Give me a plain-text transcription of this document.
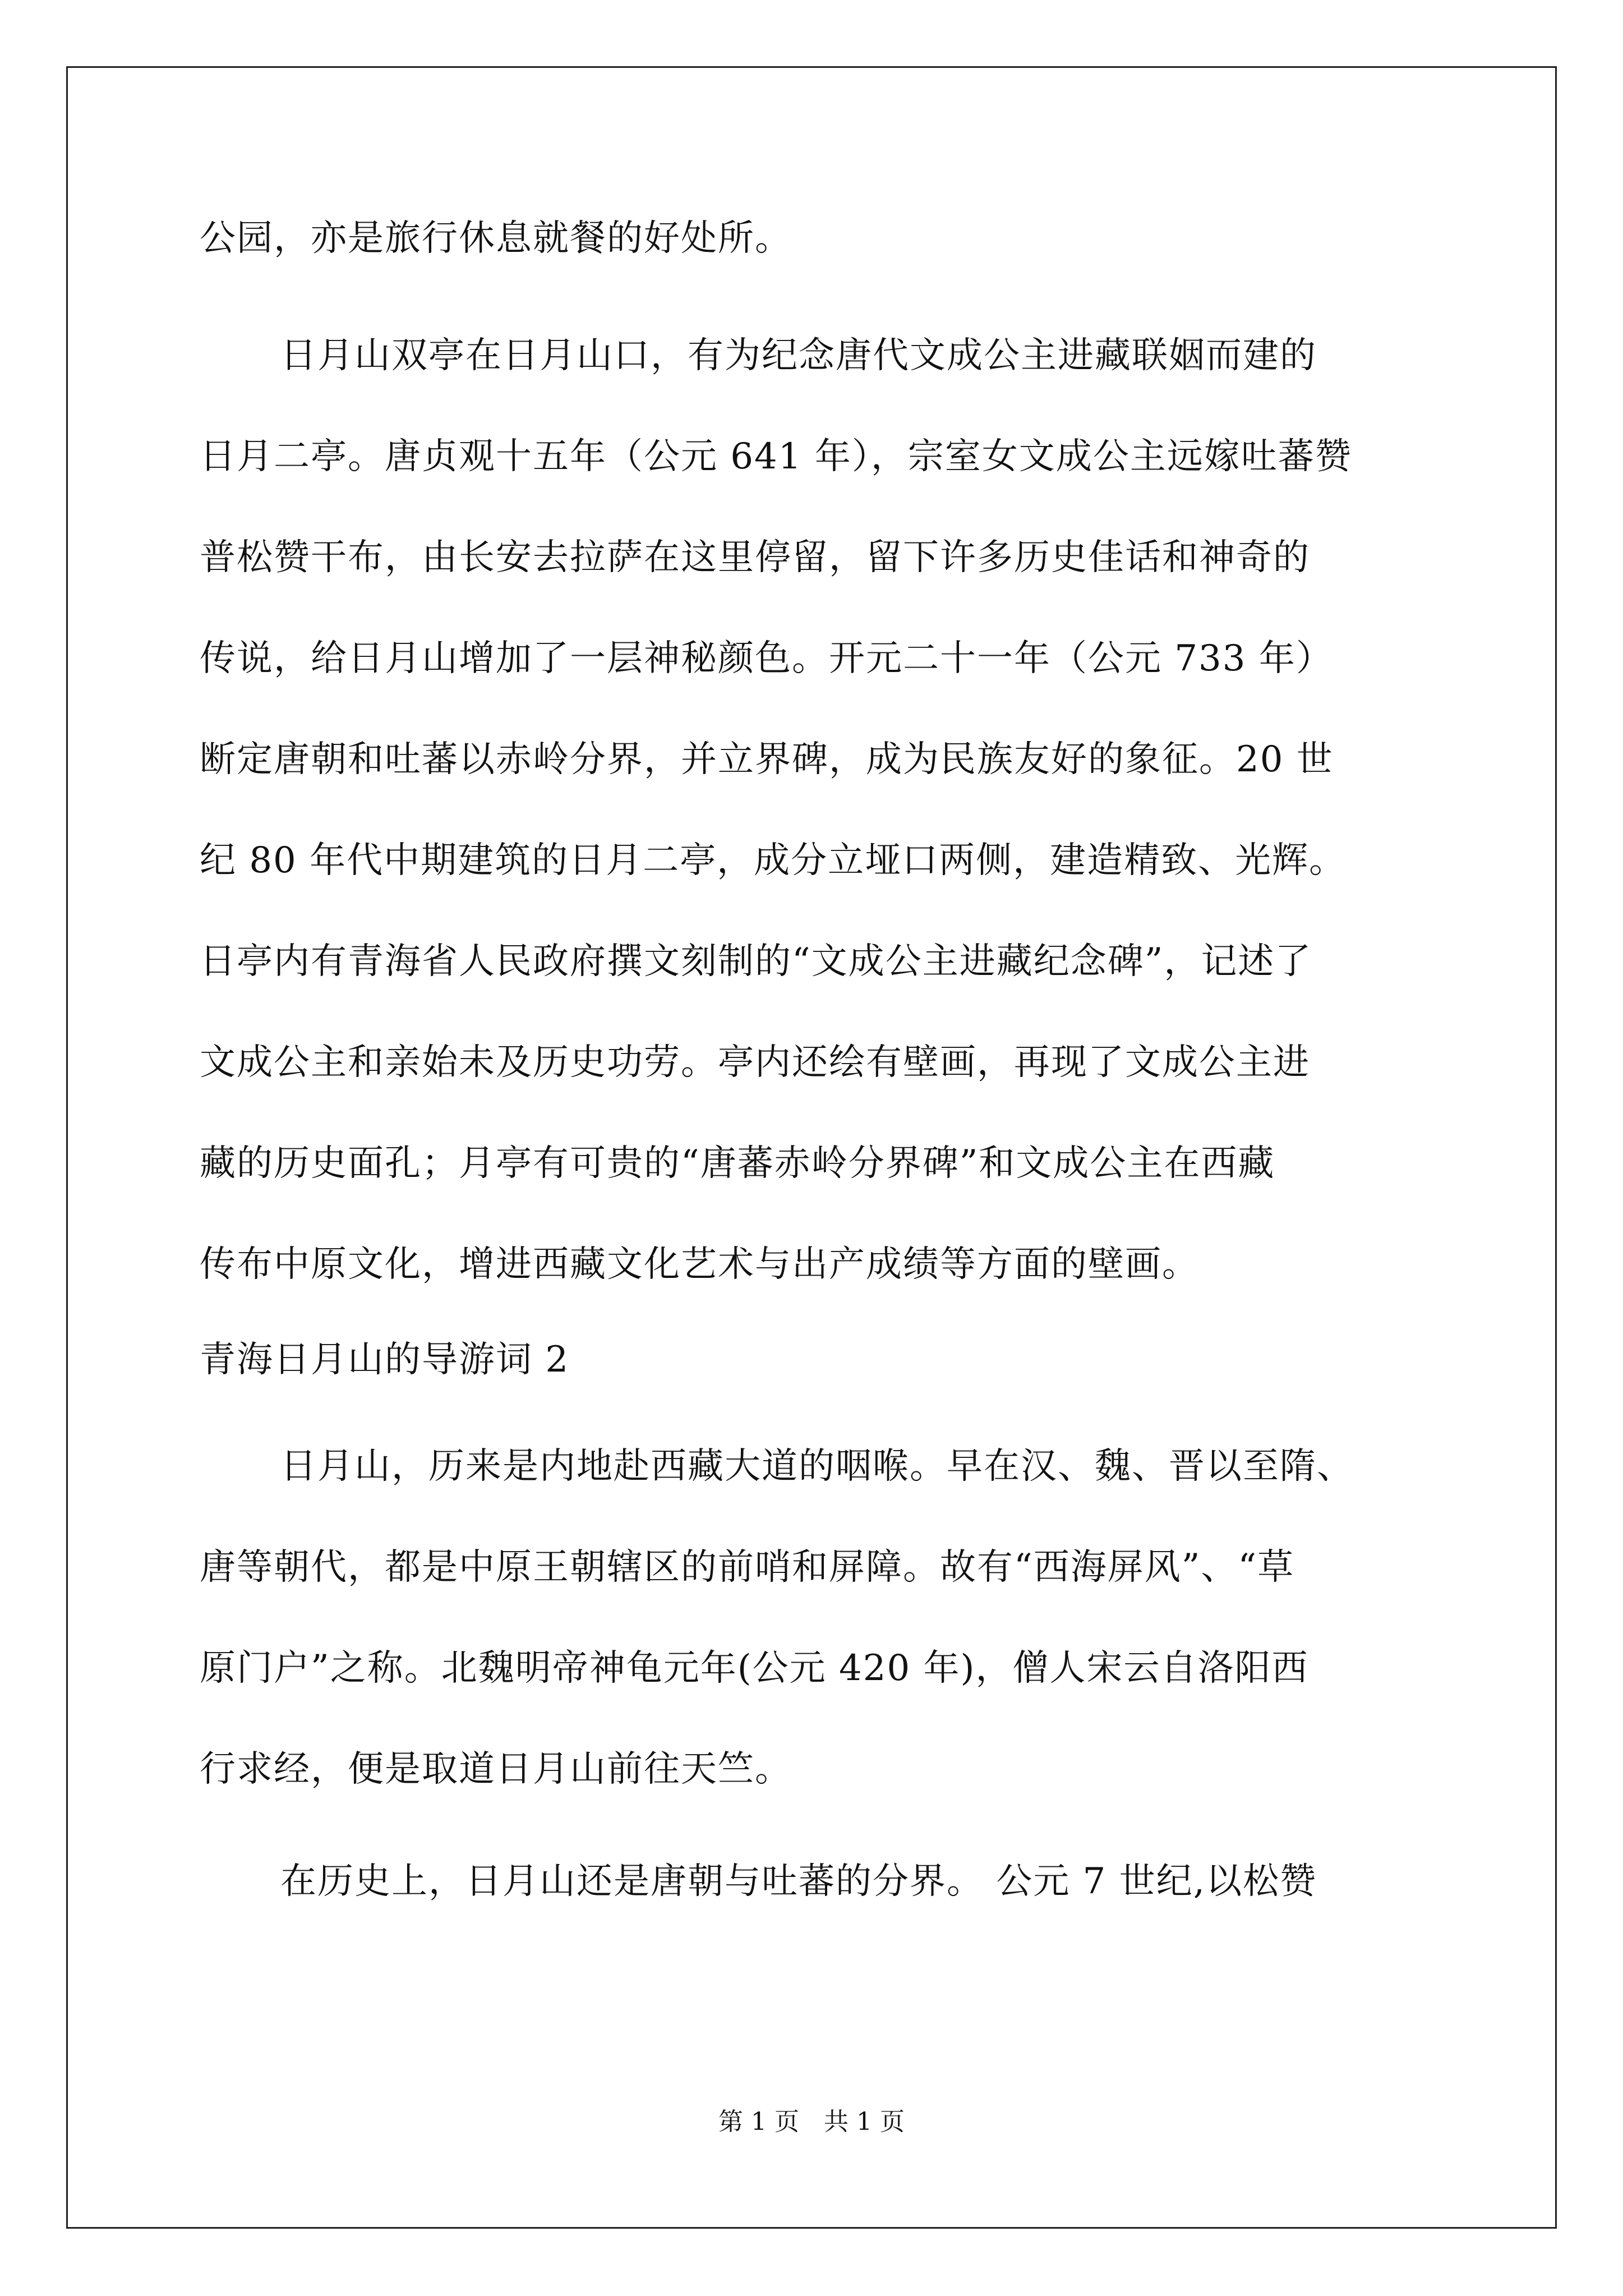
公园，亦是旅行休息就餐的好处所。
日月山双亭在日月山口，有为纪念唐代文成公主进藏联姻而建的
日月二亭。唐贞观十五年（公元 641 年），宗室女文成公主远嫁吐蕃赞
普松赞干布，由长安去拉萨在这里停留，留下许多历史佳话和神奇的
传说，给日月山增加了一层神秘颜色。开元二十一年（公元 733 年）
断定唐朝和吐蕃以赤岭分界，并立界碑，成为民族友好的象征。20 世
纪 80 年代中期建筑的日月二亭，成分立垭口两侧，建造精致、光辉。
日亭内有青海省人民政府撰文刻制的“文成公主进藏纪念碑”，记述了
文成公主和亲始未及历史功劳。亭内还绘有壁画，再现了文成公主进
藏的历史面孔；月亭有可贵的“唐蕃赤岭分界碑”和文成公主在西藏
传布中原文化，增进西藏文化艺术与出产成绩等方面的壁画。
青海日月山的导游词 2
日月山，历来是内地赴西藏大道的咽喉。早在汉、魏、晋以至隋、
唐等朝代，都是中原王朝辖区的前哨和屏障。故有“西海屏风”、“草
原门户”之称。北魏明帝神龟元年(公元 420 年)，僧人宋云自洛阳西
行求经，便是取道日月山前往天竺。
在历史上，日月山还是唐朝与吐蕃的分界。 公元 7 世纪,以松赞
第 1 页　共 1 页
